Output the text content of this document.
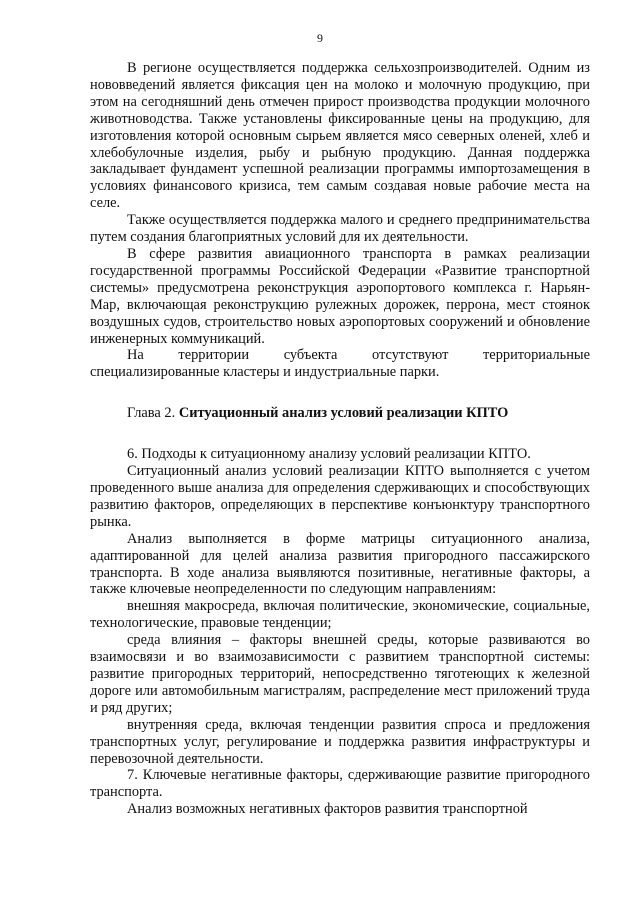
9

В регионе осуществляется поддержка сельхозпроизводителей. Одним из нововведений является фиксация цен на молоко и молочную продукцию, при этом на сегодняшний день отмечен прирост производства продукции молочного животноводства. Также установлены фиксированные цены на продукцию, для изготовления которой основным сырьем является мясо северных оленей, хлеб и хлебобулочные изделия, рыбу и рыбную продукцию. Данная поддержка закладывает фундамент успешной реализации программы импортозамещения в условиях финансового кризиса, тем самым создавая новые рабочие места на селе.

Также осуществляется поддержка малого и среднего предпринимательства путем создания благоприятных условий для их деятельности.

В сфере развития авиационного транспорта в рамках реализации государственной программы Российской Федерации «Развитие транспортной системы» предусмотрена реконструкция аэропортового комплекса г. Нарьян-Мар, включающая реконструкцию рулежных дорожек, перрона, мест стоянок воздушных судов, строительство новых аэропортовых сооружений и обновление инженерных коммуникаций.

На территории субъекта отсутствуют территориальные специализированные кластеры и индустриальные парки.

Глава 2. Ситуационный анализ условий реализации КПТО

6. Подходы к ситуационному анализу условий реализации КПТО.

Ситуационный анализ условий реализации КПТО выполняется с учетом проведенного выше анализа для определения сдерживающих и способствующих развитию факторов, определяющих в перспективе конъюнктуру транспортного рынка.

Анализ выполняется в форме матрицы ситуационного анализа, адаптированной для целей анализа развития пригородного пассажирского транспорта. В ходе анализа выявляются позитивные, негативные факторы, а также ключевые неопределенности по следующим направлениям:

внешняя макросреда, включая политические, экономические, социальные, технологические, правовые тенденции;

среда влияния – факторы внешней среды, которые развиваются во взаимосвязи и во взаимозависимости с развитием транспортной системы: развитие пригородных территорий, непосредственно тяготеющих к железной дороге или автомобильным магистралям, распределение мест приложений труда и ряд других;

внутренняя среда, включая тенденции развития спроса и предложения транспортных услуг, регулирование и поддержка развития инфраструктуры и перевозочной деятельности.

7. Ключевые негативные факторы, сдерживающие развитие пригородного транспорта.

Анализ возможных негативных факторов развития транспортной
